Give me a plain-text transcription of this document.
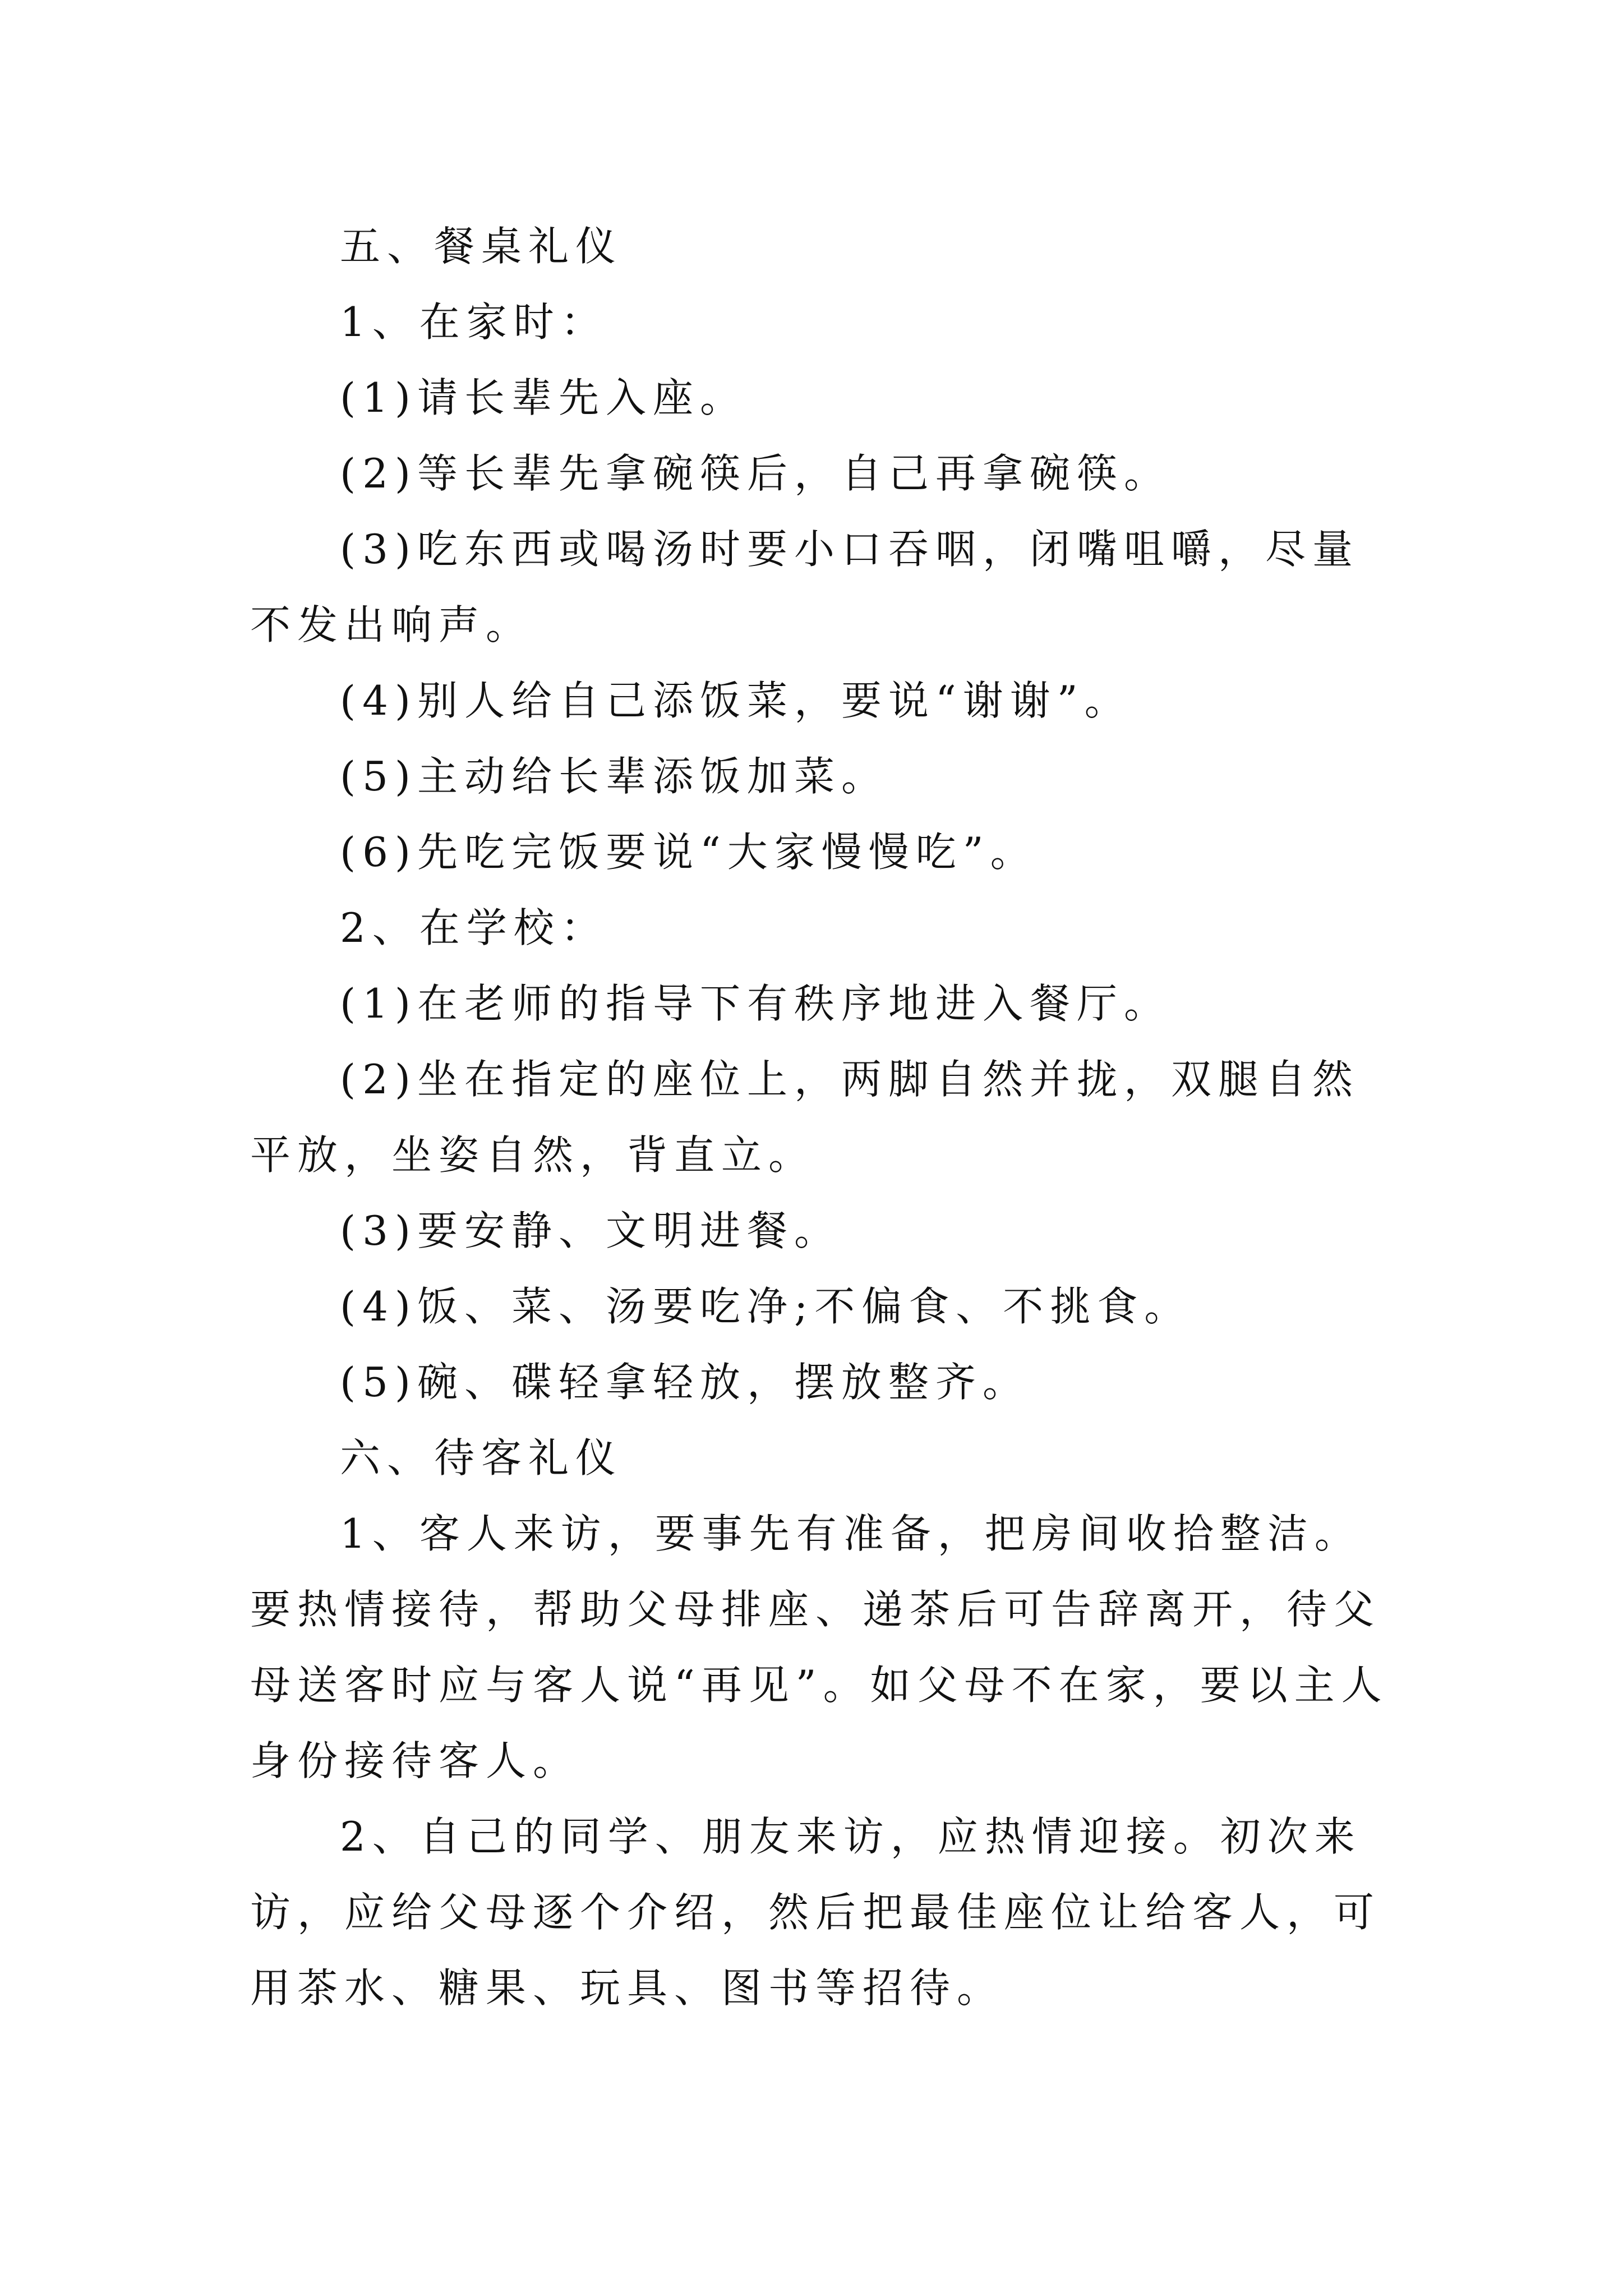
五、餐桌礼仪

1、在家时：

(1)请长辈先入座。

(2)等长辈先拿碗筷后，自己再拿碗筷。

(3)吃东西或喝汤时要小口吞咽，闭嘴咀嚼，尽量不发出响声。

(4)别人给自己添饭菜，要说“谢谢”。

(5)主动给长辈添饭加菜。

(6)先吃完饭要说“大家慢慢吃”。

2、在学校：

(1)在老师的指导下有秩序地进入餐厅。

(2)坐在指定的座位上，两脚自然并拢，双腿自然平放，坐姿自然，背直立。

(3)要安静、文明进餐。

(4)饭、菜、汤要吃净;不偏食、不挑食。

(5)碗、碟轻拿轻放，摆放整齐。

六、待客礼仪

1、客人来访，要事先有准备，把房间收拾整洁。要热情接待，帮助父母排座、递茶后可告辞离开，待父母送客时应与客人说“再见”。如父母不在家，要以主人身份接待客人。

2、自己的同学、朋友来访，应热情迎接。初次来访，应给父母逐个介绍，然后把最佳座位让给客人，可用茶水、糖果、玩具、图书等招待。
